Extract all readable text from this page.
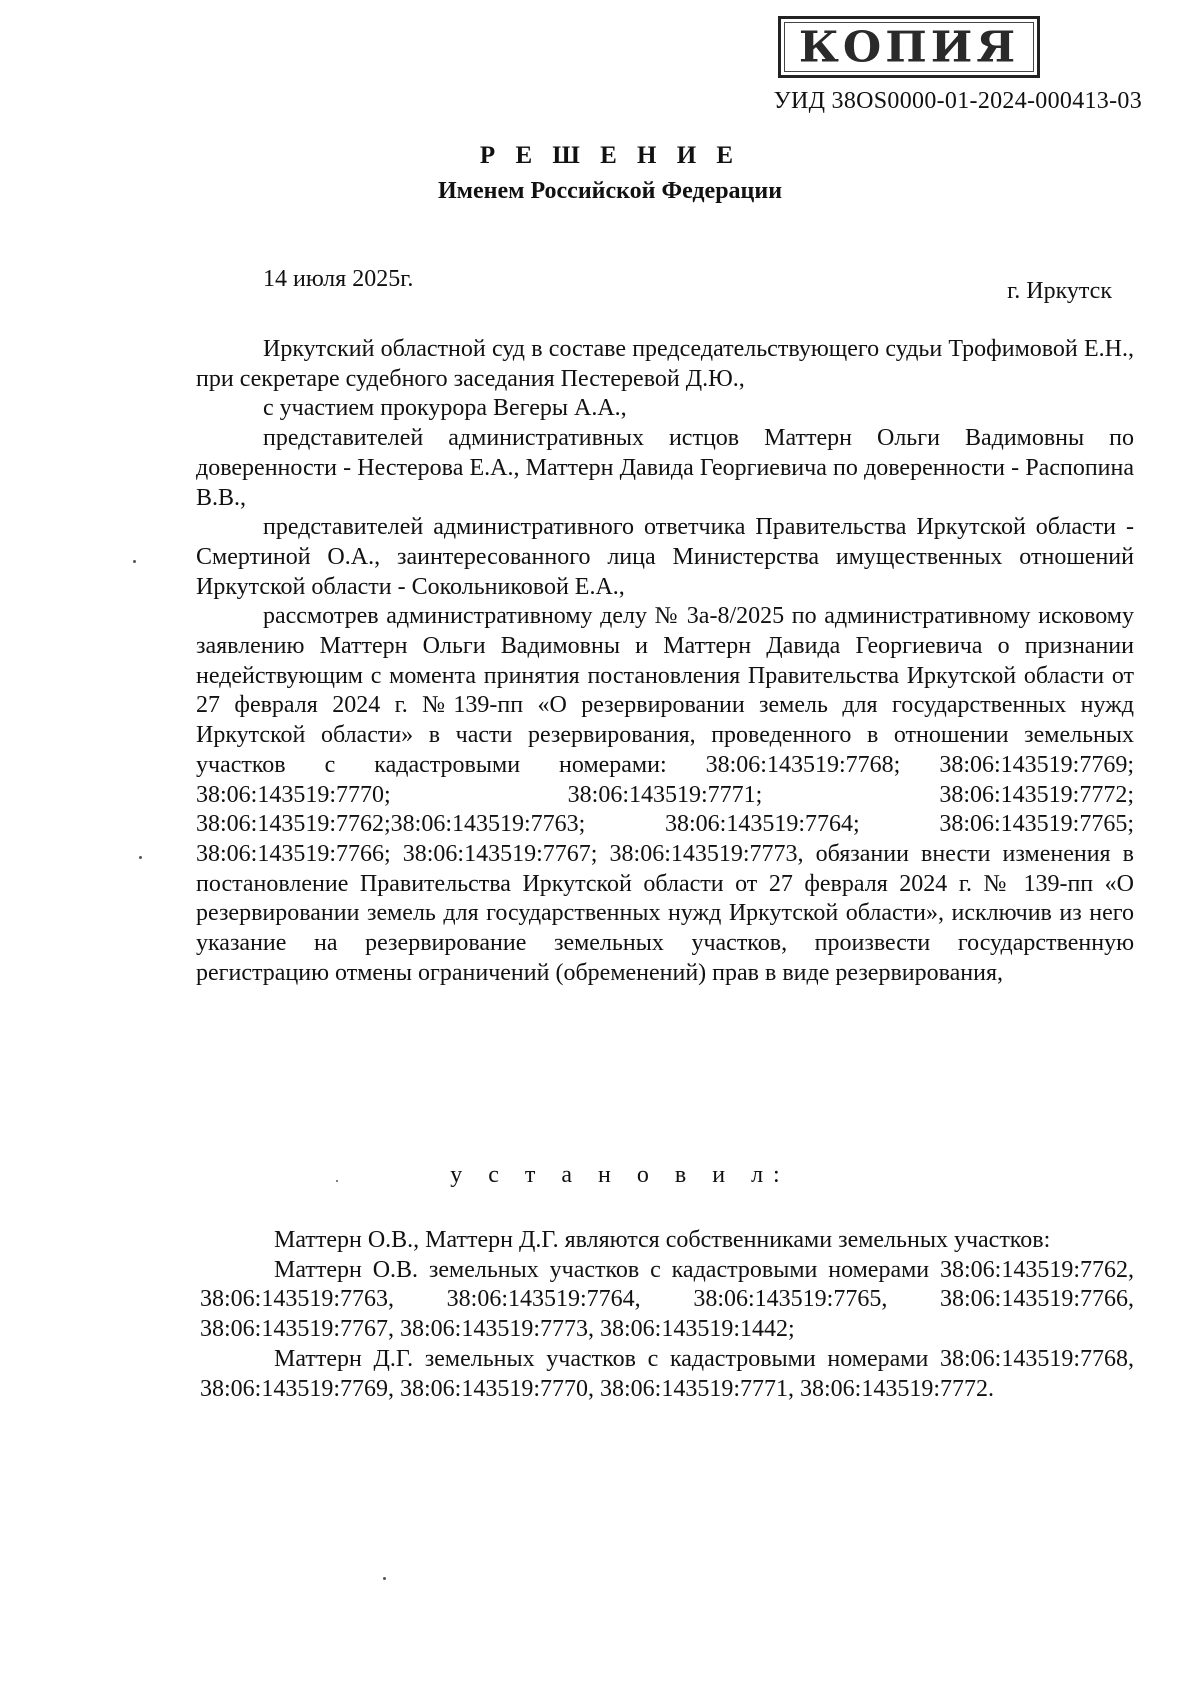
КОПИЯ
УИД 38OS0000-01-2024-000413-03
Р Е Ш Е Н И Е
Именем Российской Федерации
14 июля 2025г.	г. Иркутск

Иркутский областной суд в составе председательствующего судьи Трофимовой Е.Н., при секретаре судебного заседания Пестеревой Д.Ю.,

с участием прокурора Вегеры А.А.,

представителей административных истцов Маттерн Ольги Вадимовны по доверенности - Нестерова Е.А., Маттерн Давида Георгиевича по доверенности - Распопина В.В.,

представителей административного ответчика Правительства Иркутской области - Смертиной О.А., заинтересованного лица Министерства имущественных отношений Иркутской области - Сокольниковой Е.А.,

рассмотрев административному делу № 3а-8/2025 по административному исковому заявлению Маттерн Ольги Вадимовны и Маттерн Давида Георгиевича о признании недействующим с момента принятия постановления Правительства Иркутской области от 27 февраля 2024 г. №139-пп «О резервировании земель для государственных нужд Иркутской области» в части резервирования, проведенного в отношении земельных участков с кадастровыми номерами: 38:06:143519:7768; 38:06:143519:7769; 38:06:143519:7770; 38:06:143519:7771; 38:06:143519:7772; 38:06:143519:7762;38:06:143519:7763; 38:06:143519:7764; 38:06:143519:7765; 38:06:143519:7766; 38:06:143519:7767; 38:06:143519:7773, обязании внести изменения в постановление Правительства Иркутской области от 27 февраля 2024 г. № 139-пп «О резервировании земель для государственных нужд Иркутской области», исключив из него указание на резервирование земельных участков, произвести государственную регистрацию отмены ограничений (обременений) прав в виде резервирования,

у с т а н о в и л:

Маттерн О.В., Маттерн Д.Г. являются собственниками земельных участков:

Маттерн О.В. земельных участков с кадастровыми номерами 38:06:143519:7762, 38:06:143519:7763, 38:06:143519:7764, 38:06:143519:7765, 38:06:143519:7766, 38:06:143519:7767, 38:06:143519:7773, 38:06:143519:1442;

Маттерн Д.Г. земельных участков с кадастровыми номерами 38:06:143519:7768, 38:06:143519:7769, 38:06:143519:7770, 38:06:143519:7771, 38:06:143519:7772.
